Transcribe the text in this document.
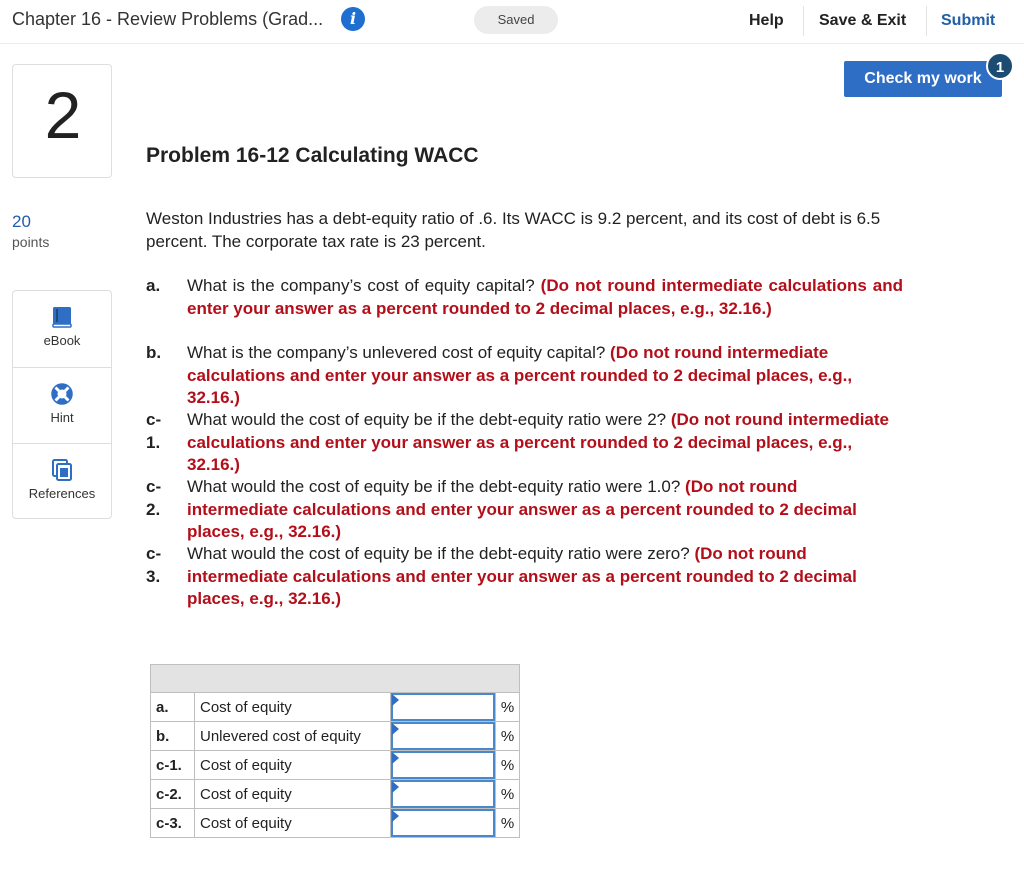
Chapter 16 - Review Problems (Grad...	i	Saved	Help Save & Exit Submit
Check my work
1
2
20
points
eBook
Hint
References
Problem 16-12 Calculating WACC
Weston Industries has a debt-equity ratio of .6. Its WACC is 9.2 percent, and its cost of debt is 6.5 percent. The corporate tax rate is 23 percent.
a. What is the company’s cost of equity capital? (Do not round intermediate calculations and enter your answer as a percent rounded to 2 decimal places, e.g., 32.16.)
b. What is the company’s unlevered cost of equity capital? (Do not round intermediate calculations and enter your answer as a percent rounded to 2 decimal places, e.g., 32.16.)
c-1.
What would the cost of equity be if the debt-equity ratio were 2? (Do not round intermediate calculations and enter your answer as a percent rounded to 2 decimal places, e.g., 32.16.)
c-2.
What would the cost of equity be if the debt-equity ratio were 1.0? (Do not round intermediate calculations and enter your answer as a percent rounded to 2 decimal places, e.g., 32.16.)
c-3.
What would the cost of equity be if the debt-equity ratio were zero? (Do not round intermediate calculations and enter your answer as a percent rounded to 2 decimal places, e.g., 32.16.)

a.	Cost of equity		%
b.	Unlevered cost of equity		%
c-1.	Cost of equity		%
c-2.	Cost of equity		%
c-3.	Cost of equity		%
